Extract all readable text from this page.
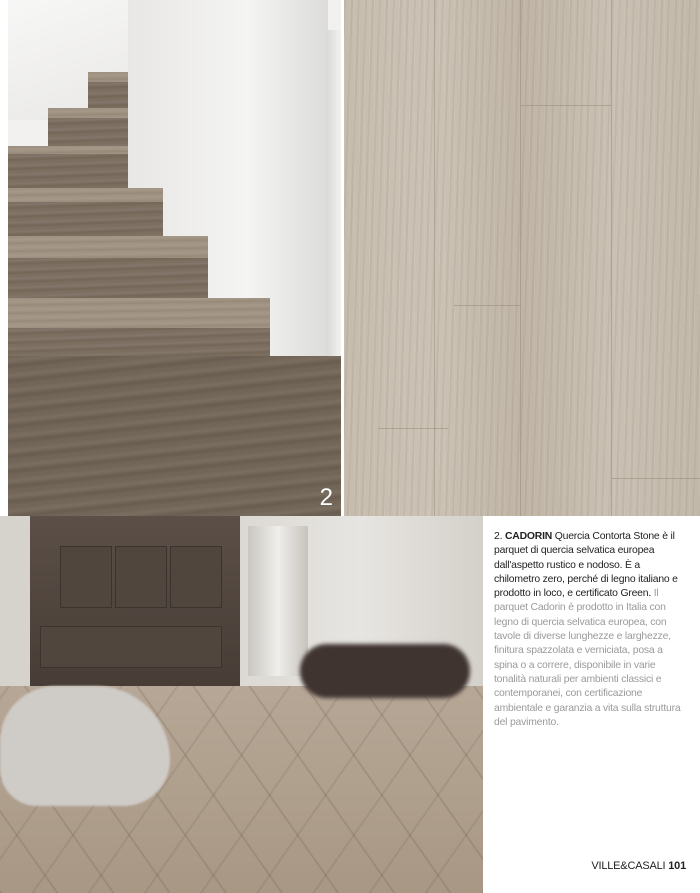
2
2. CADORIN Quercia Contorta Stone è il parquet di quercia selvatica europea dall'aspetto rustico e nodoso. È a chilometro zero, perché di legno italiano e prodotto in loco, e certificato Green. Il parquet Cadorin è prodotto in Italia con legno di quercia selvatica europea, con tavole di diverse lunghezze e larghezze, finitura spazzolata e verniciata, posa a spina o a correre, disponibile in varie tonalità naturali per ambienti classici e contemporanei, con certificazione ambientale e garanzia a vita sulla struttura del pavimento.
VILLE&CASALI 101
